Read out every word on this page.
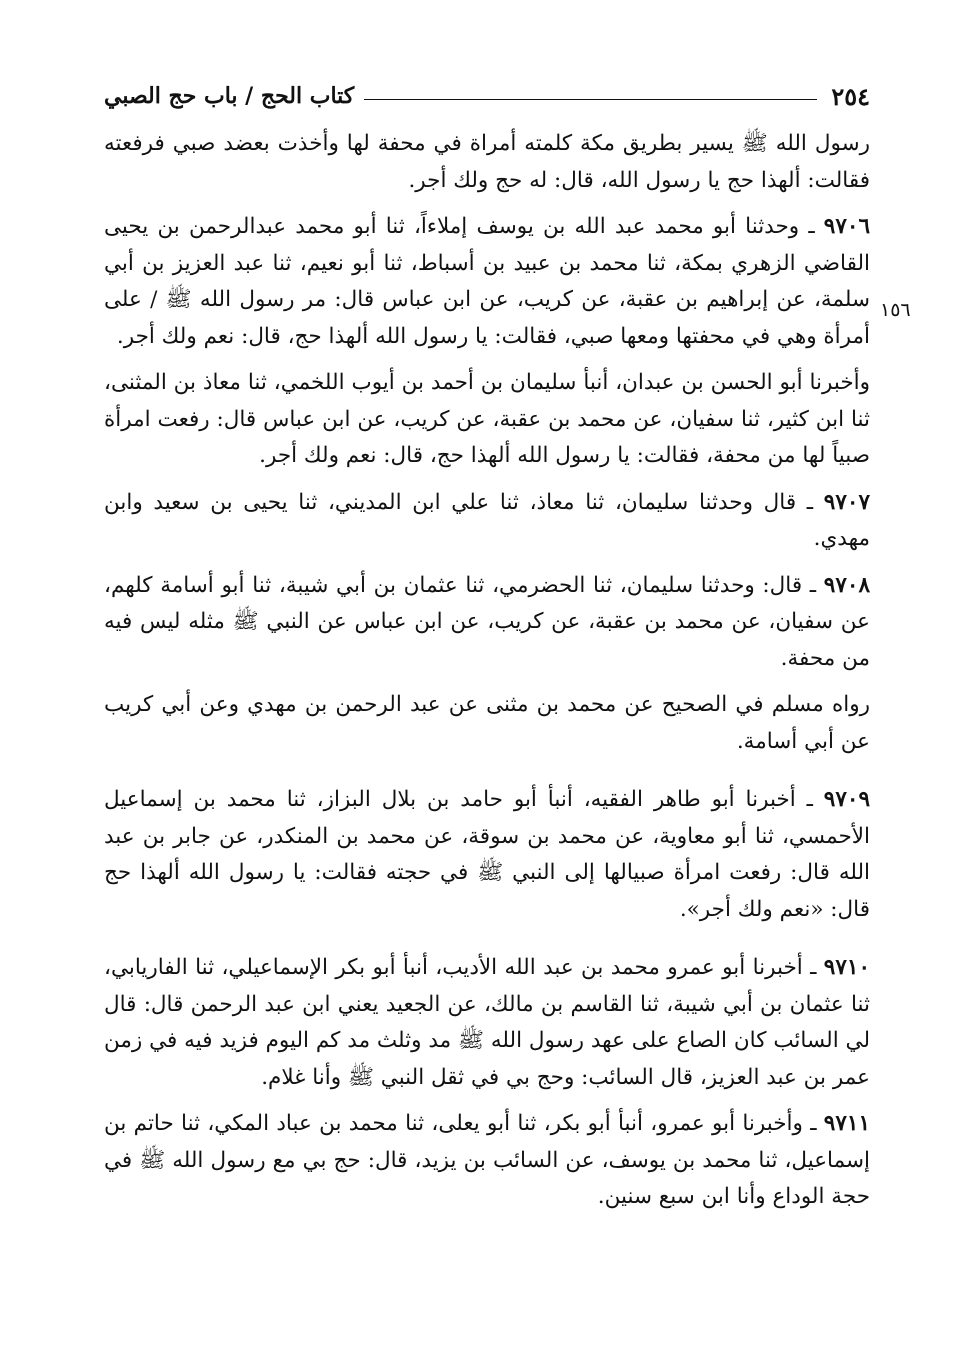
٢٥٤
كتاب الحج / باب حج الصبي
١٥٦

رسول الله ﷺ يسير بطريق مكة كلمته أمراة في محفة لها وأخذت بعضد صبي فرفعته فقالت: ألهذا حج يا رسول الله، قال: له حج ولك أجر.

٩٧٠٦ ـ وحدثنا أبو محمد عبد الله بن يوسف إملاءاً، ثنا أبو محمد عبدالرحمن بن يحيى القاضي الزهري بمكة، ثنا محمد بن عبيد بن أسباط، ثنا أبو نعيم، ثنا عبد العزيز بن أبي سلمة، عن إبراهيم بن عقبة، عن كريب، عن ابن عباس قال: مر رسول الله ﷺ / على أمرأة وهي في محفتها ومعها صبي، فقالت: يا رسول الله ألهذا حج، قال: نعم ولك أجر.

وأخبرنا أبو الحسن بن عبدان، أنبأ سليمان بن أحمد بن أيوب اللخمي، ثنا معاذ بن المثنى، ثنا ابن كثير، ثنا سفيان، عن محمد بن عقبة، عن كريب، عن ابن عباس قال: رفعت امرأة صبياً لها من محفة، فقالت: يا رسول الله ألهذا حج، قال: نعم ولك أجر.

٩٧٠٧ ـ قال وحدثنا سليمان، ثنا معاذ، ثنا علي ابن المديني، ثنا يحيى بن سعيد وابن مهدي.

٩٧٠٨ ـ قال: وحدثنا سليمان، ثنا الحضرمي، ثنا عثمان بن أبي شيبة، ثنا أبو أسامة كلهم، عن سفيان، عن محمد بن عقبة، عن كريب، عن ابن عباس عن النبي ﷺ مثله ليس فيه من محفة.

رواه مسلم في الصحيح عن محمد بن مثنى عن عبد الرحمن بن مهدي وعن أبي كريب عن أبي أسامة.

٩٧٠٩ ـ أخبرنا أبو طاهر الفقيه، أنبأ أبو حامد بن بلال البزاز، ثنا محمد بن إسماعيل الأحمسي، ثنا أبو معاوية، عن محمد بن سوقة، عن محمد بن المنكدر، عن جابر بن عبد الله قال: رفعت امرأة صبيالها إلى النبي ﷺ في حجته فقالت: يا رسول الله ألهذا حج قال: «نعم ولك أجر».

٩٧١٠ ـ أخبرنا أبو عمرو محمد بن عبد الله الأديب، أنبأ أبو بكر الإسماعيلي، ثنا الفاريابي، ثنا عثمان بن أبي شيبة، ثنا القاسم بن مالك، عن الجعيد يعني ابن عبد الرحمن قال: قال لي السائب كان الصاع على عهد رسول الله ﷺ مد وثلث مد كم اليوم فزيد فيه في زمن عمر بن عبد العزيز، قال السائب: وحج بي في ثقل النبي ﷺ وأنا غلام.

٩٧١١ ـ وأخبرنا أبو عمرو، أنبأ أبو بكر، ثنا أبو يعلى، ثنا محمد بن عباد المكي، ثنا حاتم بن إسماعيل، ثنا محمد بن يوسف، عن السائب بن يزيد، قال: حج بي مع رسول الله ﷺ في حجة الوداع وأنا ابن سبع سنين.
